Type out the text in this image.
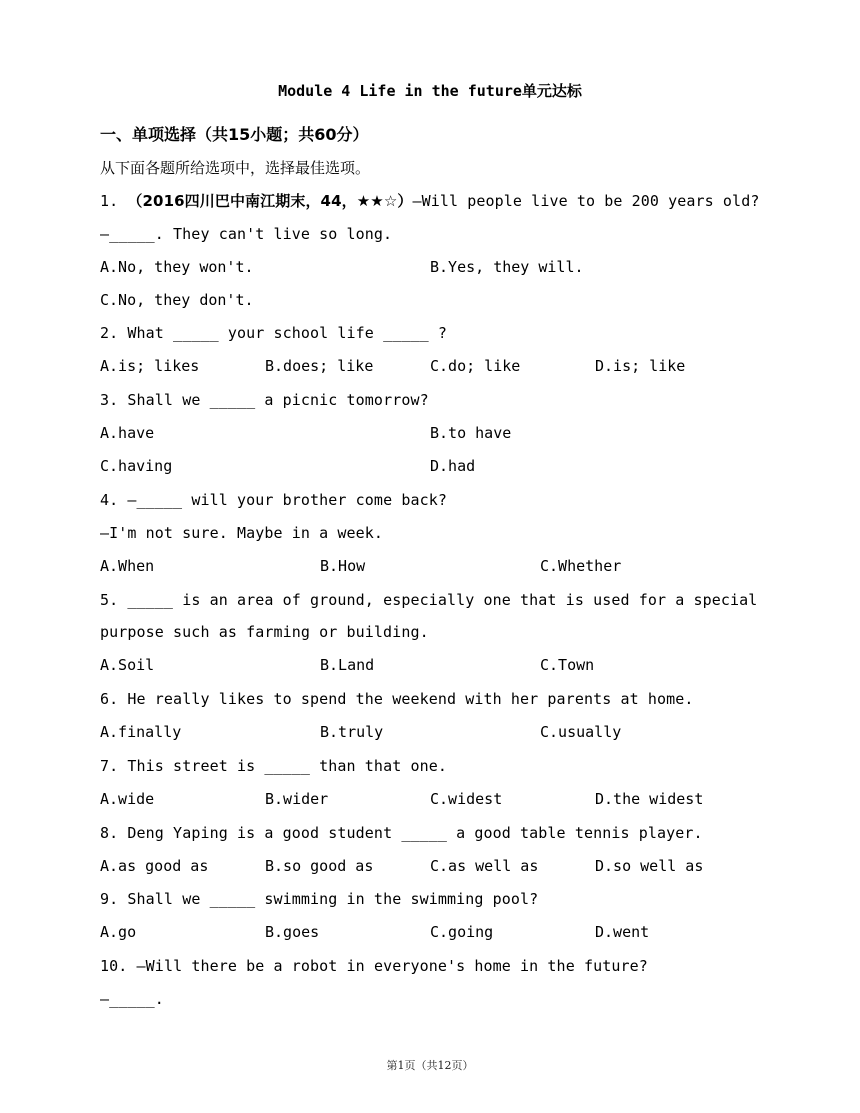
Module 4 Life in the future单元达标
一、单项选择（共15小题；共60分）
从下面各题所给选项中，选择最佳选项。
1. （2016四川巴中南江期末，44，★★☆）—Will people live to be 200 years old?
—_____. They can't live so long.
A.No, they won't.	B.Yes, they will.
C.No, they don't.
2. What _____ your school life _____ ?
A.is; likes	B.does; like	C.do; like	D.is; like
3. Shall we _____ a picnic tomorrow?
A.have	B.to have
C.having	D.had
4. —_____ will your brother come back?
—I'm not sure. Maybe in a week.
A.When	B.How	C.Whether
5. _____ is an area of ground, especially one that is used for a special
purpose such as farming or building.
A.Soil	B.Land	C.Town
6. He really likes to spend the weekend with her parents at home.
A.finally	B.truly	C.usually
7. This street is _____ than that one.
A.wide	B.wider	C.widest	D.the widest
8. Deng Yaping is a good student _____ a good table tennis player.
A.as good as	B.so good as	C.as well as	D.so well as
9. Shall we _____ swimming in the swimming pool?
A.go	B.goes	C.going	D.went
10. —Will there be a robot in everyone's home in the future?
—_____.
第1页（共12页）
